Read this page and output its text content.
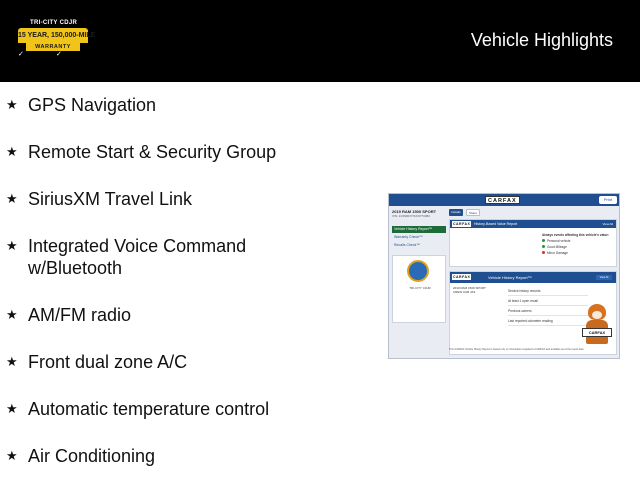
TRI-CITY CDJR
15 YEAR, 150,000-MILE
WARRANTY
✓	✓
Vehicle Highlights
★ GPS Navigation
★ Remote Start & Security Group
★ SiriusXM Travel Link
★ Integrated Voice Command w/Bluetooth
★ AM/FM radio
★ Front dual zone A/C
★ Automatic temperature control
★ Air Conditioning
CARFAX	Print
2019 RAM 1500 SPORT
VIN: 1C6SRFVT1KN773384
Vehicle History Report™
Warranty Check™
Recalls Check™
TRI-CITY CDJR
Details	Share
CARFAX History-Based Value Report	View All
Always events affecting this vehicle's value:
Personal vehicle
Good Mileage
Minor Damage
CARFAX	Vehicle History Report™	View All
2019 RAM 1500 SPORT
CREW CAB 4X4	Service history records
At least 1 open recall
Previous owners
Last reported odometer reading
CARFAX
This CARFAX Vehicle History Report is based only on information supplied to CARFAX and available as of the report date.
